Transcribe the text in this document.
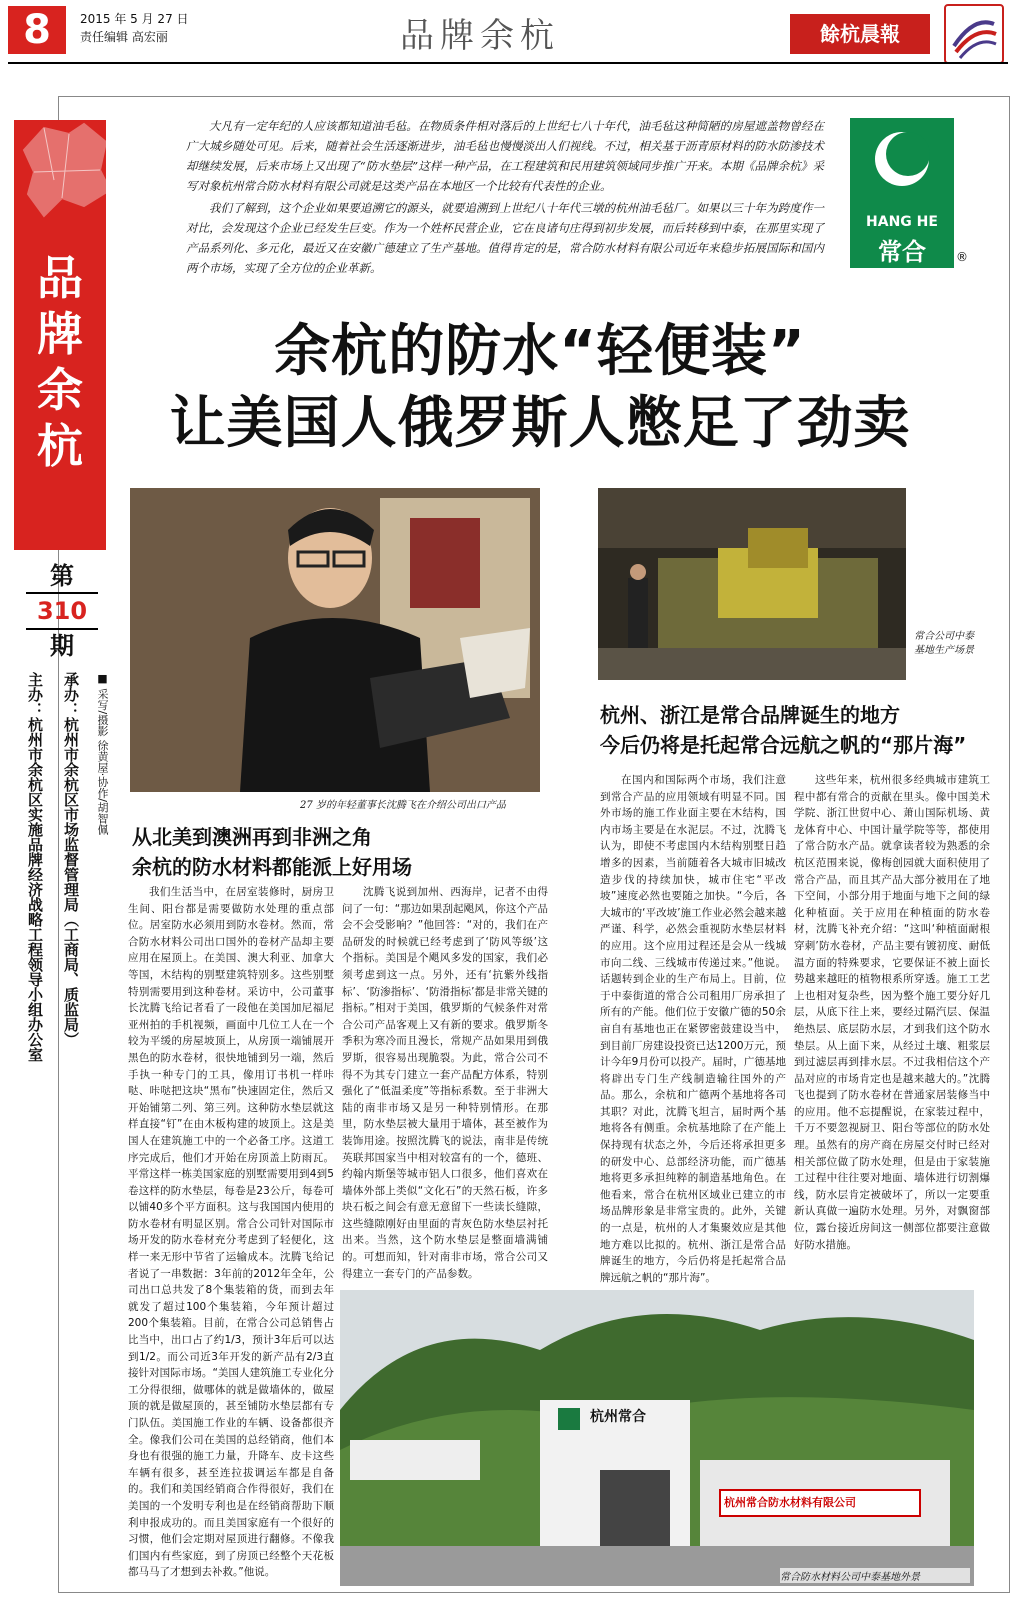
8	2015 年 5 月 27 日
责任编辑 高宏丽	品牌余杭	餘杭晨報
品牌余杭
第
310
期
承办：杭州市余杭区市场监督管理局（工商局、质监局）
主办：杭州市余杭区实施品牌经济战略工程领导小组办公室	■ 采写/摄影 徐黄屋·协作/胡智佩

大凡有一定年纪的人应该都知道油毛毡。在物质条件相对落后的上世纪七八十年代，油毛毡这种简陋的房屋遮盖物曾经在广大城乡随处可见。后来，随着社会生活逐渐进步，油毛毡也慢慢淡出人们视线。不过，相关基于沥青原材料的防水防渗技术却继续发展，后来市场上又出现了“防水垫层”这样一种产品，在工程建筑和民用建筑领域同步推广开来。本期《品牌余杭》采写对象杭州常合防水材料有限公司就是这类产品在本地区一个比较有代表性的企业。

我们了解到，这个企业如果要追溯它的源头，就要追溯到上世纪八十年代三墩的杭州油毛毡厂。如果以三十年为跨度作一对比，会发现这个企业已经发生巨变。作为一个姓杯民营企业，它在良诸句庄得到初步发展，而后转移到中泰，在那里实现了产品系列化、多元化，最近又在安徽广德建立了生产基地。值得肯定的是，常合防水材料有限公司近年来稳步拓展国际和国内两个市场，实现了全方位的企业革新。

HANG HE
常合	®
余杭的防水“轻便装”
让美国人俄罗斯人憋足了劲卖
27 岁的年轻董事长沈腾飞在介绍公司出口产品
常合公司中泰基地生产场景
从北美到澳洲再到非洲之角
余杭的防水材料都能派上好用场
杭州、浙江是常合品牌诞生的地方
今后仍将是托起常合远航之帆的“那片海”

我们生活当中，在居室装修时，厨房卫生间、阳台都是需要做防水处理的重点部位。居室防水必须用到防水卷材。然而，常合防水材料公司出口国外的卷材产品却主要应用在屋顶上。在美国、澳大利亚、加拿大等国，木结构的别墅建筑特别多。这些别墅特别需要用到这种卷材。采访中，公司董事长沈腾飞给记者看了一段他在美国加尼福尼亚州拍的手机视频，画面中几位工人在一个较为平缓的房屋坡顶上，从房顶一端铺展开黑色的防水卷材，很快地铺到另一端，然后手执一种专门的工具，像用订书机一样咔哒、咔哒把这块“黑布”快速固定住，然后又开始铺第二列、第三列。这种防水垫层就这样直接“钉”在由木板构建的坡顶上。这是美国人在建筑施工中的一个必备工序。这道工序完成后，他们才开始在房顶盖上防雨瓦。平常这样一栋美国家庭的别墅需要用到4到5卷这样的防水垫层，每卷是23公斤，每卷可以铺40多个平方面积。这与我国国内使用的防水卷材有明显区别。常合公司针对国际市场开发的防水卷材充分考虑到了轻便化，这样一来无形中节省了运输成本。沈腾飞给记者说了一串数据：3年前的2012年全年，公司出口总共发了8个集装箱的货，而到去年就发了超过100个集装箱，今年预计超过200个集装箱。目前，在常合公司总销售占比当中，出口占了约1/3，预计3年后可以达到1/2。而公司近3年开发的新产品有2/3直接针对国际市场。“美国人建筑施工专业化分工分得很细，做哪体的就是做墙体的，做屋顶的就是做屋顶的，甚至铺防水垫层都有专门队伍。美国施工作业的车辆、设备都很齐全。像我们公司在美国的总经销商，他们本身也有很强的施工力量，升降车、皮卡这些车辆有很多，甚至连拉拔调运车都是自备的。我们和美国经销商合作得很好，我们在美国的一个发明专利也是在经销商帮助下顺利申报成功的。而且美国家庭有一个很好的习惯，他们会定期对屋顶进行翻修。不像我们国内有些家庭，到了房顶已经整个天花板都马马了才想到去补救。”他说。

沈腾飞说到加州、西海岸，记者不由得问了一句：“那边如果刮起飓风，你这个产品会不会受影响？”他回答：“对的，我们在产品研发的时候就已经考虑到了‘防风等级’这个指标。美国是个飓风多发的国家，我们必须考虑到这一点。另外，还有‘抗紫外线指标’、‘防渗指标’、‘防滑指标’都是非常关键的指标。”相对于美国，俄罗斯的气候条件对常合公司产品客观上又有新的要求。俄罗斯冬季积为寒冷而且漫长，常规产品如果用到俄罗斯，很容易出现脆裂。为此，常合公司不得不为其专门建立一套产品配方体系，特别强化了“低温柔度”等指标系数。至于非洲大陆的南非市场又是另一种特别情形。在那里，防水垫层被大量用于墙体，甚至被作为装饰用途。按照沈腾飞的说法，南非是传统英联邦国家当中相对较富有的一个，德班、约翰内斯堡等城市铝人口很多，他们喜欢在墙体外部上类似“文化石”的天然石板，许多块石板之间会有意无意留下一些读长缝隙，这些缝隙刚好由里面的青灰色防水垫层衬托出来。当然，这个防水垫层是整面墙满铺的。可想而知，针对南非市场，常合公司又得建立一套专门的产品参数。

在国内和国际两个市场，我们注意到常合产品的应用领域有明显不同。国外市场的施工作业面主要在木结构，国内市场主要是在水泥层。不过，沈腾飞认为，即使不考虑国内木结构别墅日趋增多的因素，当前随着各大城市旧城改造步伐的持续加快，城市住宅“平改坡”速度必然也要随之加快。“今后，各大城市的‘平改坡’施工作业必然会越来越严谨、科学，必然会重视防水垫层材料的应用。这个应用过程还是会从一线城市向二线、三线城市传递过来。”他说。话题转到企业的生产布局上。目前，位于中泰街道的常合公司租用厂房承担了所有的产能。他们位于安徽广德的50余亩自有基地也正在紧锣密鼓建设当中，到目前厂房建设投资已达1200万元，预计今年9月份可以投产。届时，广德基地将辟出专门生产线制造输往国外的产品。那么，余杭和广德两个基地将各司其职？对此，沈腾飞坦言，届时两个基地将各有侧重。余杭基地除了在产能上保持现有状态之外，今后还将承担更多的研发中心、总部经济功能，而广德基地将更多承担纯粹的制造基地角色。在他看来，常合在杭州区域业已建立的市场品牌形象是非常宝贵的。此外，关键的一点是，杭州的人才集聚效应是其他地方难以比拟的。杭州、浙江是常合品牌诞生的地方，今后仍将是托起常合品牌远航之帆的“那片海”。

这些年来，杭州很多经典城市建筑工程中都有常合的贡献在里头。像中国美术学院、浙江世贸中心、萧山国际机场、黄龙体育中心、中国计量学院等等，都使用了常合防水产品。就拿读者较为熟悉的余杭区范围来说，像梅创园就大面积使用了常合产品，而且其产品大部分被用在了地下空间，小部分用于地面与地下之间的绿化种植面。关于应用在种植面的防水卷材，沈腾飞补充介绍：“这叫‘种植面耐根穿刺’防水卷材，产品主要有镀初度、耐低温方面的特殊要求，它要保证不被上面长势越来越旺的植物根系所穿透。施工工艺上也相对复杂些，因为整个施工要分好几层，从底下往上来，要经过隔汽层、保温绝热层、底层防水层，才到我们这个防水垫层。从上面下来，从经过土壤、粗浆层到过滤层再到排水层。不过我相信这个产品对应的市场肯定也是越来越大的。”沈腾飞也提到了防水卷材在普通家居装修当中的应用。他不忘提醒说，在家装过程中，千万不要忽视厨卫、阳台等部位的防水处理。虽然有的房产商在房屋交付时已经对相关部位做了防水处理，但是由于家装施工过程中往往要对地面、墙体进行切割爆线，防水层肯定被破坏了，所以一定要重新认真做一遍防水处理。另外，对飘窗部位，露台接近房间这一侧部位都要注意做好防水措施。

杭州常合
杭州常合防水材料有限公司
常合防水材料公司中泰基地外景
